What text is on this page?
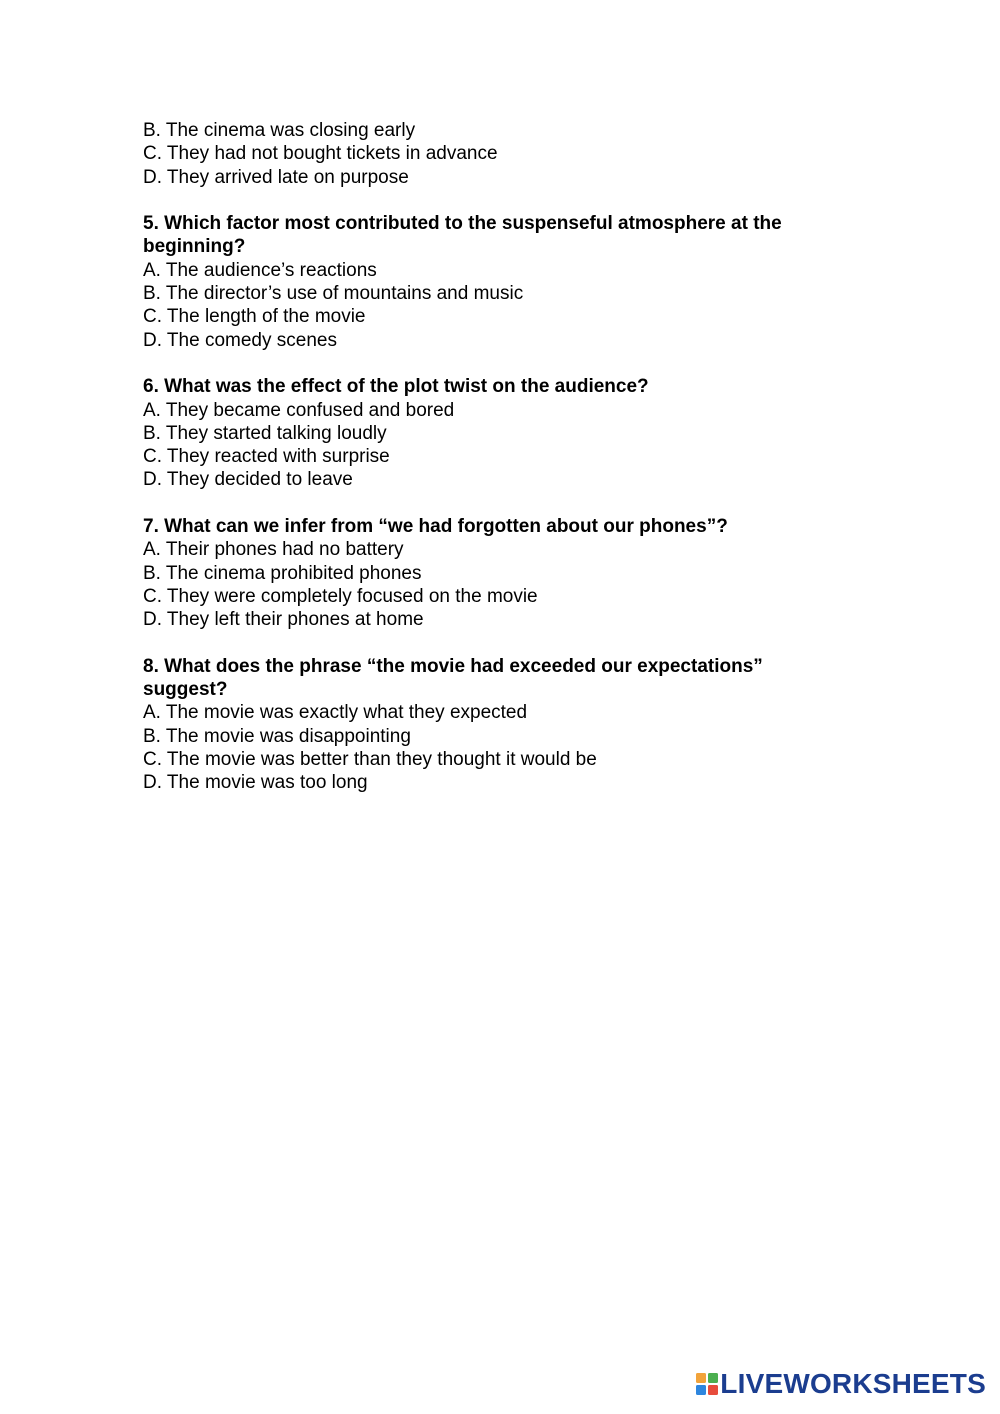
B. The cinema was closing early
C. They had not bought tickets in advance
D. They arrived late on purpose
5. Which factor most contributed to the suspenseful atmosphere at the beginning?
A. The audience’s reactions
B. The director’s use of mountains and music
C. The length of the movie
D. The comedy scenes
6. What was the effect of the plot twist on the audience?
A. They became confused and bored
B. They started talking loudly
C. They reacted with surprise
D. They decided to leave
7. What can we infer from “we had forgotten about our phones”?
A. Their phones had no battery
B. The cinema prohibited phones
C. They were completely focused on the movie
D. They left their phones at home
8. What does the phrase “the movie had exceeded our expectations” suggest?
A. The movie was exactly what they expected
B. The movie was disappointing
C. The movie was better than they thought it would be
D. The movie was too long
LIVEWORKSHEETS
